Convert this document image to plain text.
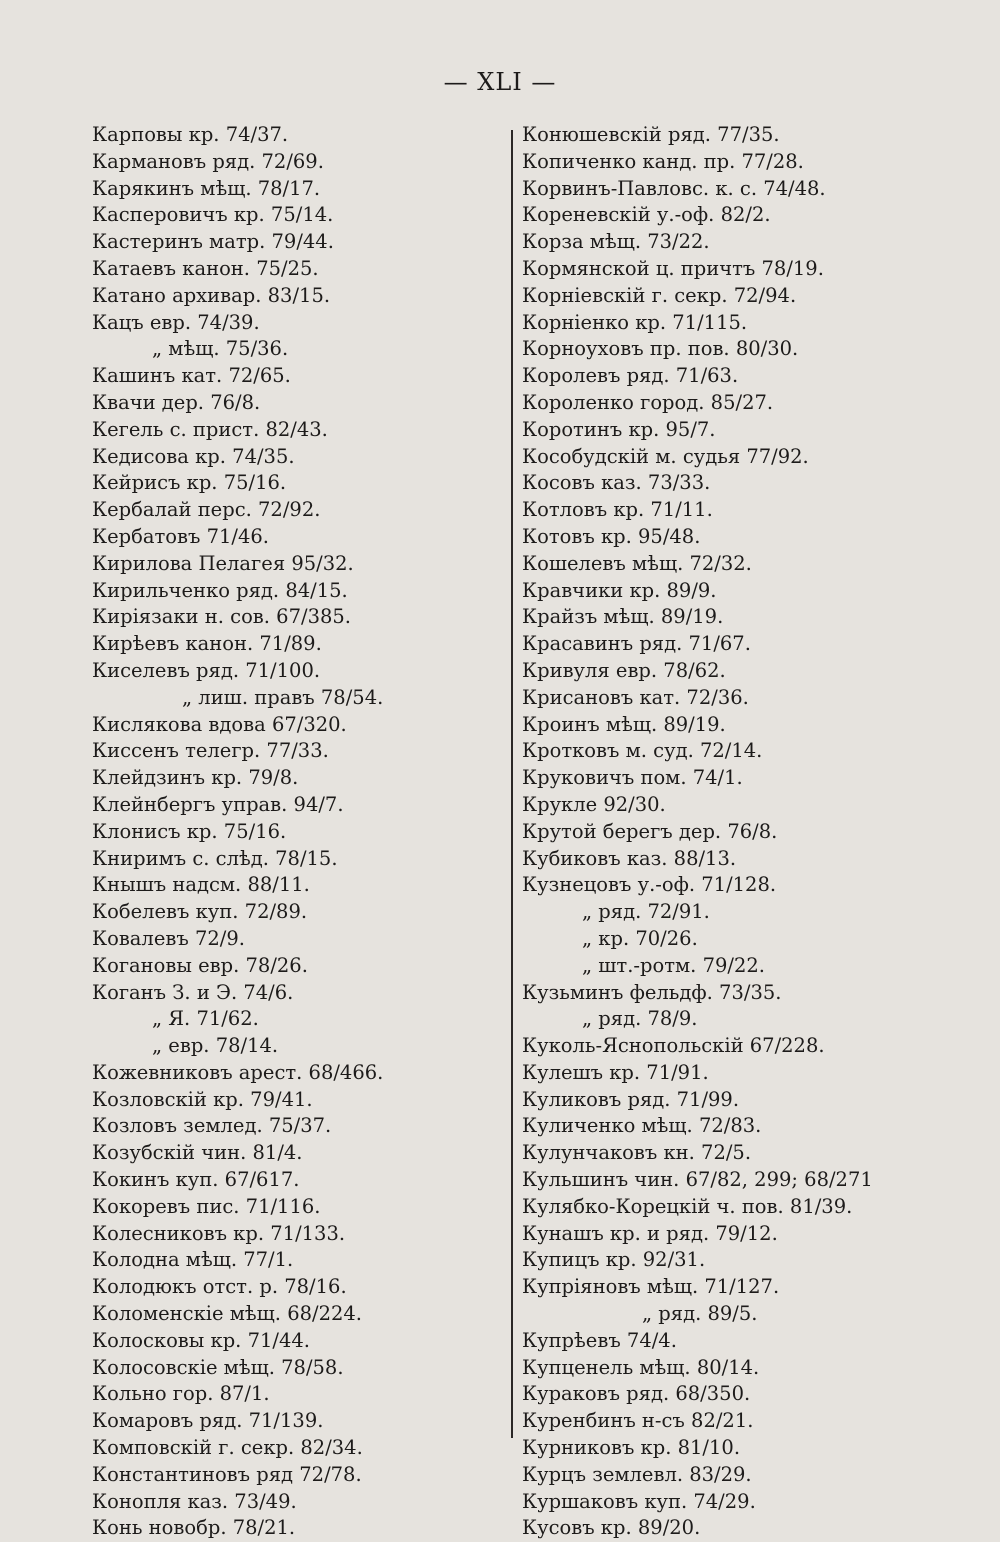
— XLI —
Карповы кр. 74/37.
Кармановъ ряд. 72/69.
Карякинъ мѣщ. 78/17.
Касперовичъ кр. 75/14.
Кастеринъ матр. 79/44.
Катаевъ канон. 75/25.
Катано архивар. 83/15.
Кацъ евр. 74/39.
„ мѣщ. 75/36.
Кашинъ кат. 72/65.
Квачи дер. 76/8.
Кегель с. прист. 82/43.
Кедисова кр. 74/35.
Кейрисъ кр. 75/16.
Кербалай перс. 72/92.
Кербатовъ 71/46.
Кирилова Пелагея 95/32.
Кирильченко ряд. 84/15.
Киріязаки н. сов. 67/385.
Кирѣевъ канон. 71/89.
Киселевъ ряд. 71/100.
„ лиш. правъ 78/54.
Кислякова вдова 67/320.
Киссенъ телегр. 77/33.
Клейдзинъ кр. 79/8.
Клейнбергъ управ. 94/7.
Клонисъ кр. 75/16.
Книримъ с. слѣд. 78/15.
Кнышъ надсм. 88/11.
Кобелевъ куп. 72/89.
Ковалевъ 72/9.
Когановы евр. 78/26.
Коганъ З. и Э. 74/6.
„ Я. 71/62.
„ евр. 78/14.
Кожевниковъ арест. 68/466.
Козловскій кр. 79/41.
Козловъ землед. 75/37.
Козубскій чин. 81/4.
Кокинъ куп. 67/617.
Кокоревъ пис. 71/116.
Колесниковъ кр. 71/133.
Колодна мѣщ. 77/1.
Колодюкъ отст. р. 78/16.
Коломенскіе мѣщ. 68/224.
Колосковы кр. 71/44.
Колосовскіе мѣщ. 78/58.
Кольно гор. 87/1.
Комаровъ ряд. 71/139.
Комповскій г. секр. 82/34.
Константиновъ ряд 72/78.
Конопля каз. 73/49.
Конь новобр. 78/21.
Конюшевскій ряд. 77/35.
Копиченко канд. пр. 77/28.
Корвинъ-Павловс. к. с. 74/48.
Кореневскій у.-оф. 82/2.
Корза мѣщ. 73/22.
Кормянской ц. причтъ 78/19.
Корніевскій г. секр. 72/94.
Корніенко кр. 71/115.
Корноуховъ пр. пов. 80/30.
Королевъ ряд. 71/63.
Короленко город. 85/27.
Коротинъ кр. 95/7.
Кособудскій м. судья 77/92.
Косовъ каз. 73/33.
Котловъ кр. 71/11.
Котовъ кр. 95/48.
Кошелевъ мѣщ. 72/32.
Кравчики кр. 89/9.
Крайзъ мѣщ. 89/19.
Красавинъ ряд. 71/67.
Кривуля евр. 78/62.
Крисановъ кат. 72/36.
Кроинъ мѣщ. 89/19.
Кротковъ м. суд. 72/14.
Круковичъ пом. 74/1.
Крукле 92/30.
Крутой берегъ дер. 76/8.
Кубиковъ каз. 88/13.
Кузнецовъ у.-оф. 71/128.
„ ряд. 72/91.
„ кр. 70/26.
„ шт.-ротм. 79/22.
Кузьминъ фельдф. 73/35.
„ ряд. 78/9.
Куколь-Яснопольскій 67/228.
Кулешъ кр. 71/91.
Куликовъ ряд. 71/99.
Куличенко мѣщ. 72/83.
Кулунчаковъ кн. 72/5.
Кульшинъ чин. 67/82, 299; 68/271
Кулябко-Корецкій ч. пов. 81/39.
Кунашъ кр. и ряд. 79/12.
Купицъ кр. 92/31.
Купріяновъ мѣщ. 71/127.
„ ряд. 89/5.
Купрѣевъ 74/4.
Купценель мѣщ. 80/14.
Кураковъ ряд. 68/350.
Куренбинъ н-съ 82/21.
Курниковъ кр. 81/10.
Курцъ землевл. 83/29.
Куршаковъ куп. 74/29.
Кусовъ кр. 89/20.
